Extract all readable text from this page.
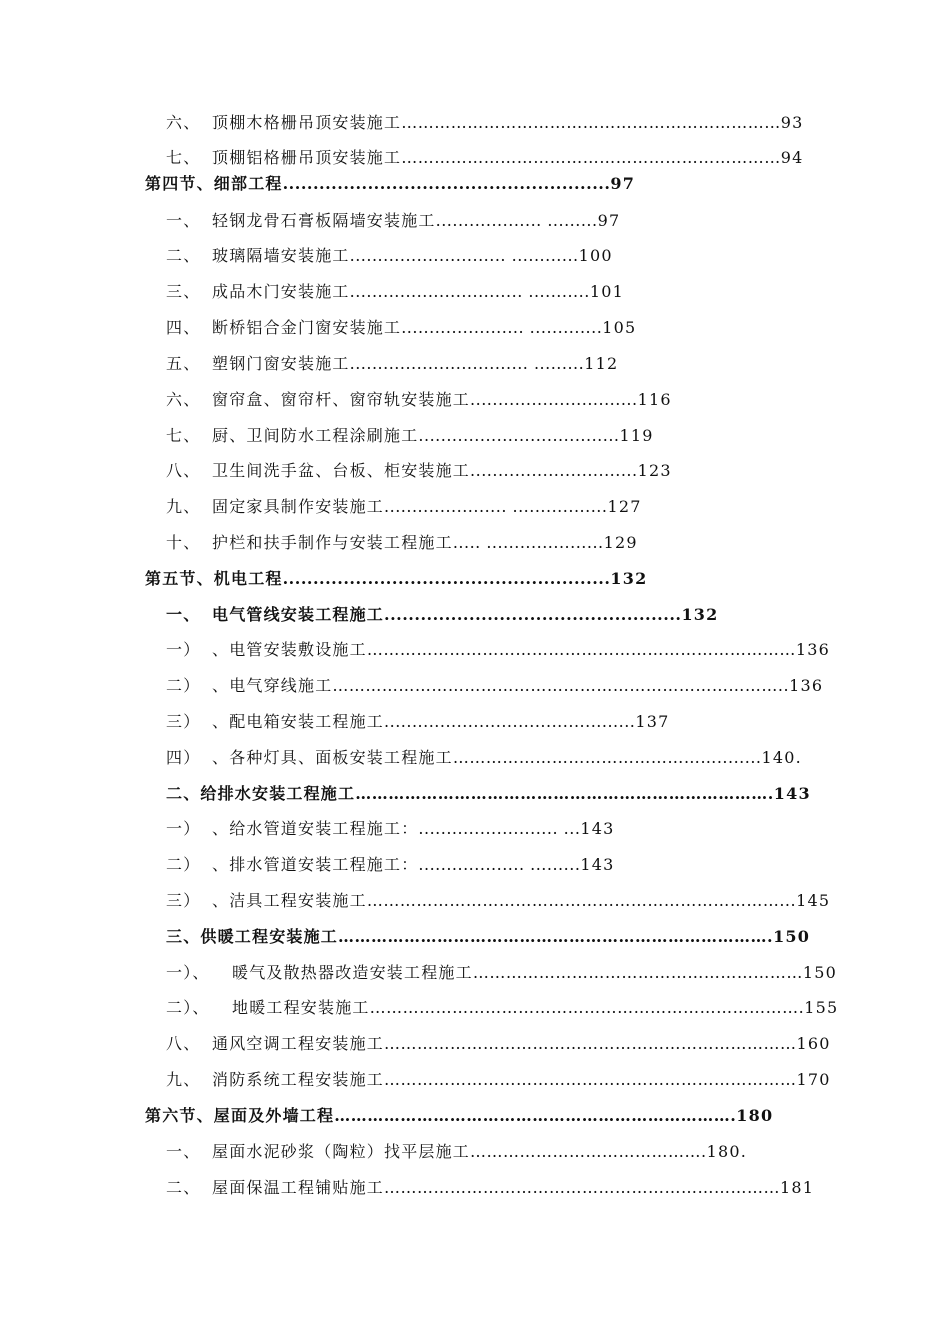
六、 顶棚木格栅吊顶安装施工……………………………………………………………93
七、 顶棚铝格栅吊顶安装施工……………………………………………………………94
第四节、细部工程......................................................97
一、 轻钢龙骨石膏板隔墙安装施工................... .........97
二、 玻璃隔墙安装施工............................ ............100
三、 成品木门安装施工............................... ...........101
四、 断桥铝合金门窗安装施工...................... .............105
五、 塑钢门窗安装施工................................ .........112
六、 窗帘盒、窗帘杆、窗帘轨安装施工..............................116
七、 厨、卫间防水工程涂刷施工....................................119
八、 卫生间洗手盆、台板、柜安装施工..............................123
九、 固定家具制作安装施工...................... .................127
十、 护栏和扶手制作与安装工程施工..... .....................129
第五节、机电工程......................................................132
一、 电气管线安装工程施工.................................................132
一） 、电管安装敷设施工……………………………………………………………………136
二） 、电气穿线施工………………………………………………………………………..136
三） 、配电箱安装工程施工.............................................137
四） 、各种灯具、面板安装工程施工…………………………………………........140.
二、给排水安装工程施工………………………………………………………………….143
一） 、给水管道安装工程施工：......................... ...143
二） 、排水管道安装工程施工：................... .........143
三） 、洁具工程安装施工…………………………………………………………………...145
三、供暖工程安装施工…………………………………………………………………….150
一）、 暖气及散热器改造安装工程施工……………………………………………………150
二）、 地暖工程安装施工…………………………………………………………………….155
八、 通风空调工程安装施工…………………………………………………………………160
九、 消防系统工程安装施工…………………………………………………………………170
第六节、屋面及外墙工程……………………………………………………………….180
一、 屋面水泥砂浆（陶粒）找平层施工…………………………………….180.
二、 屋面保温工程铺贴施工………………………………………………………………181
